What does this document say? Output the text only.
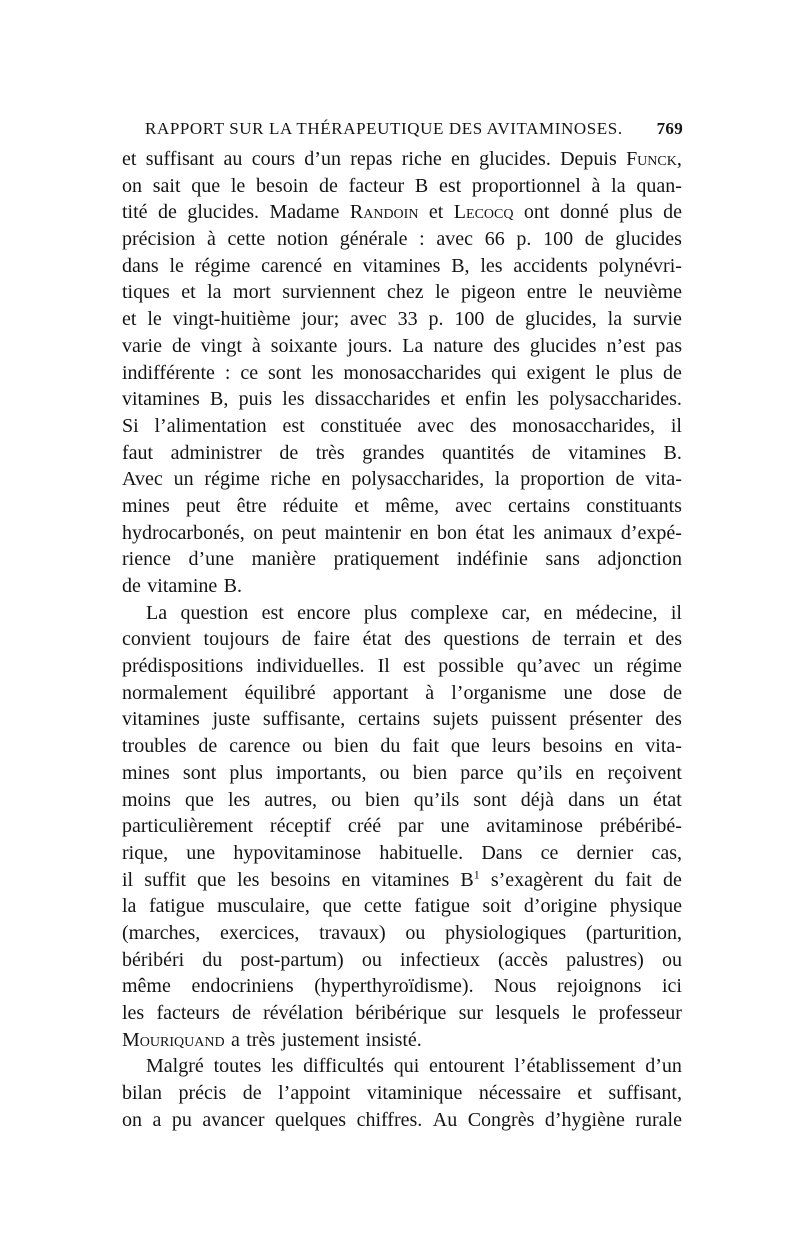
RAPPORT SUR LA THÉRAPEUTIQUE DES AVITAMINOSES. 769
et suffisant au cours d’un repas riche en glucides. Depuis Funck,
on sait que le besoin de facteur B est proportionnel à la quan-
tité de glucides. Madame Randoin et Lecocq ont donné plus de
précision à cette notion générale : avec 66 p. 100 de glucides
dans le régime carencé en vitamines B, les accidents polynévri-
tiques et la mort surviennent chez le pigeon entre le neuvième
et le vingt-huitième jour; avec 33 p. 100 de glucides, la survie
varie de vingt à soixante jours. La nature des glucides n’est pas
indifférente : ce sont les monosaccharides qui exigent le plus de
vitamines B, puis les dissaccharides et enfin les polysaccharides.
Si l’alimentation est constituée avec des monosaccharides, il
faut administrer de très grandes quantités de vitamines B.
Avec un régime riche en polysaccharides, la proportion de vita-
mines peut être réduite et même, avec certains constituants
hydrocarbonés, on peut maintenir en bon état les animaux d’expé-
rience d’une manière pratiquement indéfinie sans adjonction
de vitamine B.
La question est encore plus complexe car, en médecine, il
convient toujours de faire état des questions de terrain et des
prédispositions individuelles. Il est possible qu’avec un régime
normalement équilibré apportant à l’organisme une dose de
vitamines juste suffisante, certains sujets puissent présenter des
troubles de carence ou bien du fait que leurs besoins en vita-
mines sont plus importants, ou bien parce qu’ils en reçoivent
moins que les autres, ou bien qu’ils sont déjà dans un état
particulièrement réceptif créé par une avitaminose prébéribé-
rique, une hypovitaminose habituelle. Dans ce dernier cas,
il suffit que les besoins en vitamines $B^1$ s’exagèrent du fait de
la fatigue musculaire, que cette fatigue soit d’origine physique
(marches, exercices, travaux) ou physiologiques (parturition,
béribéri du post-partum) ou infectieux (accès palustres) ou
même endocriniens (hyperthyroïdisme). Nous rejoignons ici
les facteurs de révélation béribérique sur lesquels le professeur
Mouriquand a très justement insisté.
Malgré toutes les difficultés qui entourent l’établissement d’un
bilan précis de l’appoint vitaminique nécessaire et suffisant,
on a pu avancer quelques chiffres. Au Congrès d’hygiène rurale
